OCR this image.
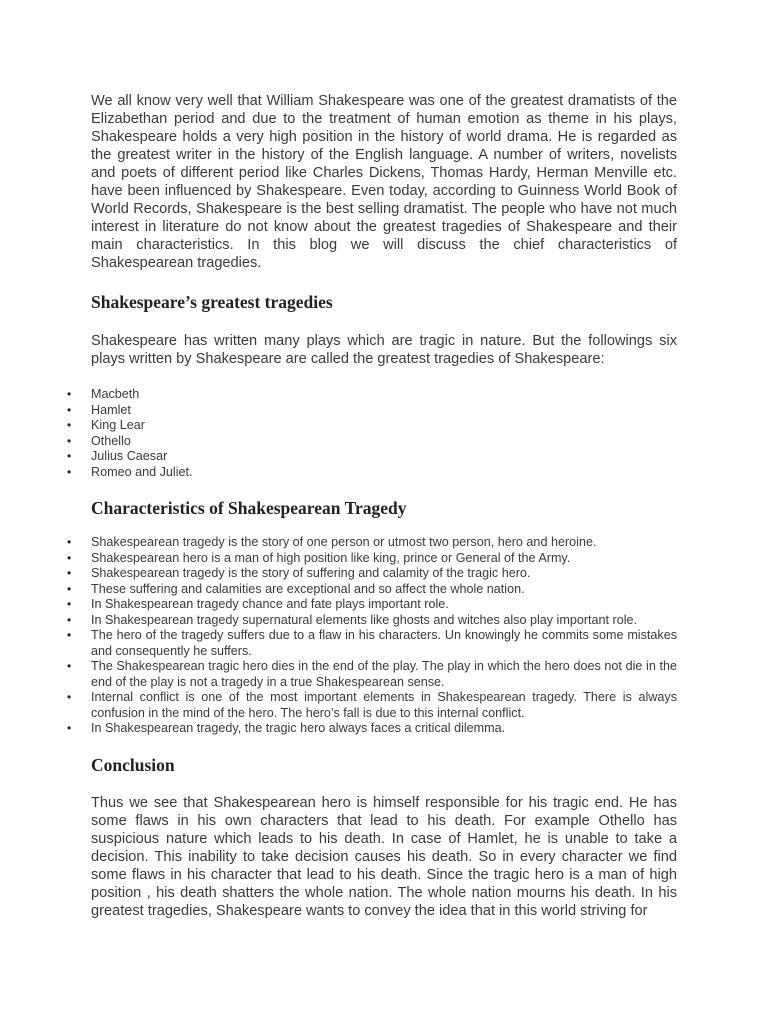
We all know very well that William Shakespeare was one of the greatest dramatists of the Elizabethan period and due to the treatment of human emotion as theme in his plays, Shakespeare holds a very high position in the history of world drama. He is regarded as the greatest writer in the history of the English language. A number of writers, novelists and poets of different period like Charles Dickens, Thomas Hardy, Herman Menville etc. have been influenced by Shakespeare. Even today, according to Guinness World Book of World Records, Shakespeare is the best selling dramatist. The people who have not much interest in literature do not know about the greatest tragedies of Shakespeare and their main characteristics. In this blog we will discuss the chief characteristics of Shakespearean tragedies.

Shakespeare’s greatest tragedies

Shakespeare has written many plays which are tragic in nature. But the followings six plays written by Shakespeare are called the greatest tragedies of Shakespeare:

• Macbeth
• Hamlet
• King Lear
• Othello
• Julius Caesar
• Romeo and Juliet.
Characteristics of Shakespearean Tragedy
• Shakespearean tragedy is the story of one person or utmost two person, hero and heroine.
• Shakespearean hero is a man of high position like king, prince or General of the Army.
• Shakespearean tragedy is the story of suffering and calamity of the tragic hero.
• These suffering and calamities are exceptional and so affect the whole nation.
• In Shakespearean tragedy chance and fate plays important role.
• In Shakespearean tragedy supernatural elements like ghosts and witches also play important role.
• The hero of the tragedy suffers due to a flaw in his characters. Un knowingly he commits some mistakes and consequently he suffers.
• The Shakespearean tragic hero dies in the end of the play. The play in which the hero does not die in the end of the play is not a tragedy in a true Shakespearean sense.
• Internal conflict is one of the most important elements in Shakespearean tragedy. There is always confusion in the mind of the hero. The hero’s fall is due to this internal conflict.
• In Shakespearean tragedy, the tragic hero always faces a critical dilemma.
Conclusion

Thus we see that Shakespearean hero is himself responsible for his tragic end. He has some flaws in his own characters that lead to his death. For example Othello has suspicious nature which leads to his death. In case of Hamlet, he is unable to take a decision. This inability to take decision causes his death. So in every character we find some flaws in his character that lead to his death. Since the tragic hero is a man of high position , his death shatters the whole nation. The whole nation mourns his death. In his greatest tragedies, Shakespeare wants to convey the idea that in this world striving for
